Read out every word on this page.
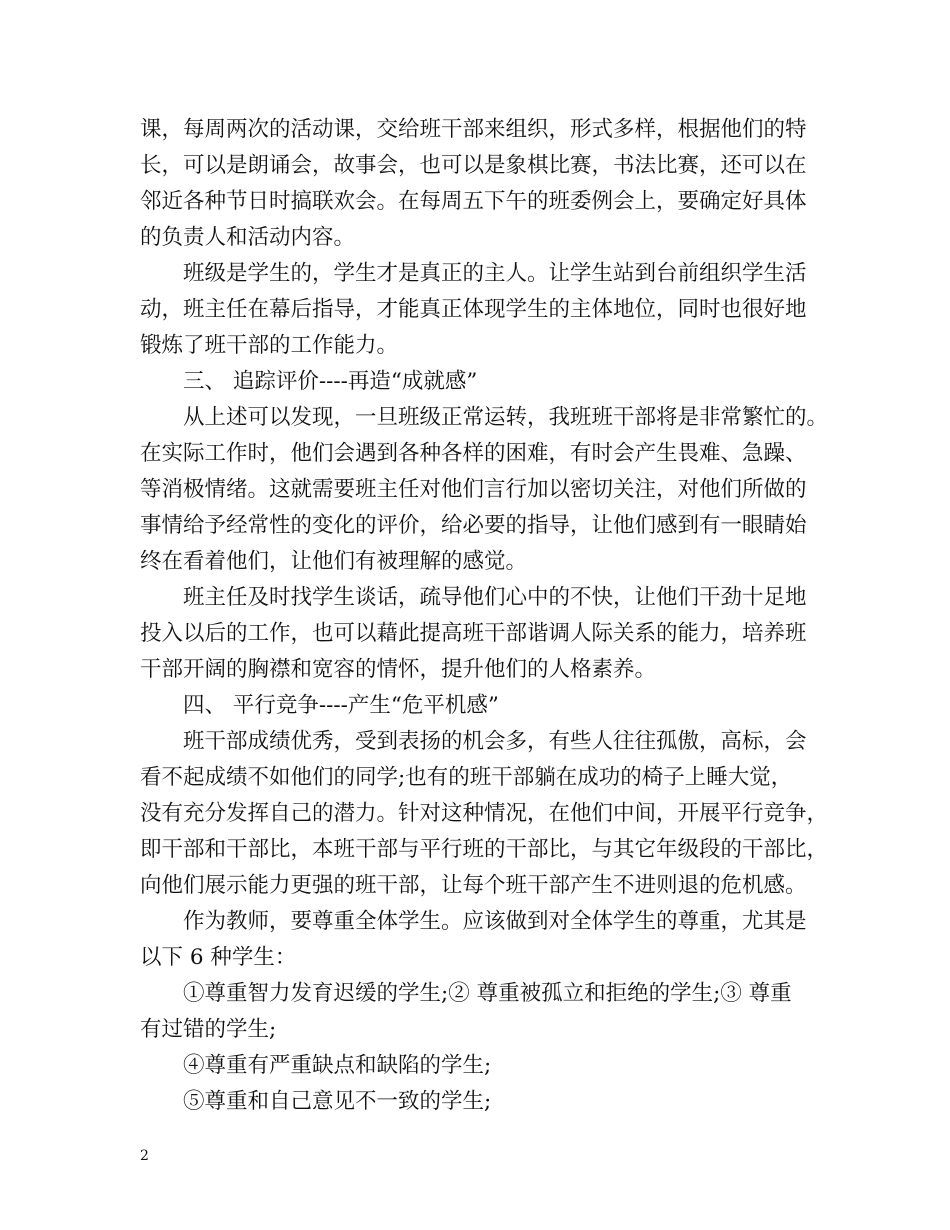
课，每周两次的活动课，交给班干部来组织，形式多样，根据他们的特
长，可以是朗诵会，故事会，也可以是象棋比赛，书法比赛，还可以在
邻近各种节日时搞联欢会。在每周五下午的班委例会上，要确定好具体
的负责人和活动内容。
班级是学生的，学生才是真正的主人。让学生站到台前组织学生活
动，班主任在幕后指导，才能真正体现学生的主体地位，同时也很好地
锻炼了班干部的工作能力。
三、 追踪评价----再造“成就感”
从上述可以发现，一旦班级正常运转，我班班干部将是非常繁忙的。
在实际工作时，他们会遇到各种各样的困难，有时会产生畏难、急躁、
等消极情绪。这就需要班主任对他们言行加以密切关注，对他们所做的
事情给予经常性的变化的评价，给必要的指导，让他们感到有一眼睛始
终在看着他们，让他们有被理解的感觉。
班主任及时找学生谈话，疏导他们心中的不快，让他们干劲十足地
投入以后的工作，也可以藉此提高班干部谐调人际关系的能力，培养班
干部开阔的胸襟和宽容的情怀，提升他们的人格素养。
四、 平行竞争----产生“危平机感”
班干部成绩优秀，受到表扬的机会多，有些人往往孤傲，高标，会
看不起成绩不如他们的同学;也有的班干部躺在成功的椅子上睡大觉，
没有充分发挥自己的潜力。针对这种情况，在他们中间，开展平行竞争，
即干部和干部比，本班干部与平行班的干部比，与其它年级段的干部比，
向他们展示能力更强的班干部，让每个班干部产生不进则退的危机感。
作为教师，要尊重全体学生。应该做到对全体学生的尊重，尤其是
以下 6 种学生：
①尊重智力发育迟缓的学生;② 尊重被孤立和拒绝的学生;③ 尊重
有过错的学生;
④尊重有严重缺点和缺陷的学生;
⑤尊重和自己意见不一致的学生;
2
